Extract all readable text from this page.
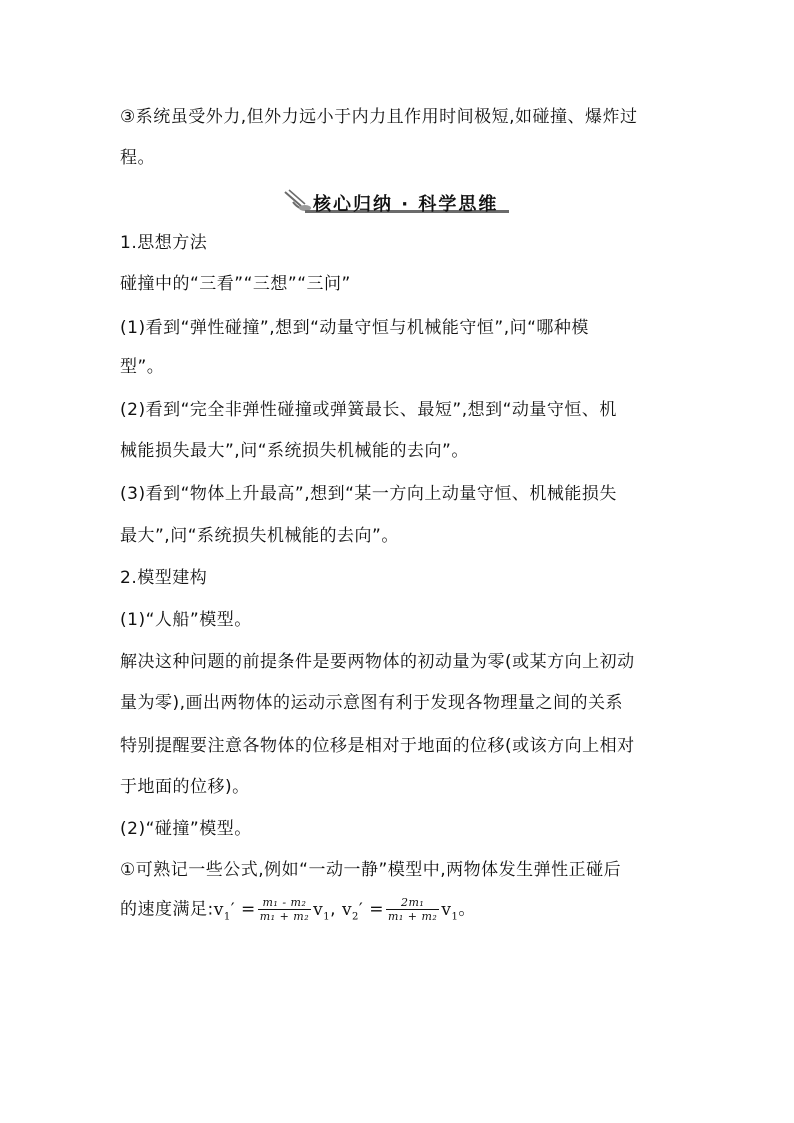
③系统虽受外力,但外力远小于内力且作用时间极短,如碰撞、爆炸过
程。
核心归纳 · 科学思维
1.思想方法
碰撞中的“三看”“三想”“三问”
(1)看到“弹性碰撞”,想到“动量守恒与机械能守恒”,问“哪种模
型”。
(2)看到“完全非弹性碰撞或弹簧最长、最短”,想到“动量守恒、机
械能损失最大”,问“系统损失机械能的去向”。
(3)看到“物体上升最高”,想到“某一方向上动量守恒、机械能损失
最大”,问“系统损失机械能的去向”。
2.模型建构
(1)“人船”模型。
解决这种问题的前提条件是要两物体的初动量为零(或某方向上初动
量为零),画出两物体的运动示意图有利于发现各物理量之间的关系
特别提醒要注意各物体的位移是相对于地面的位移(或该方向上相对
于地面的位移)。
(2)“碰撞”模型。
①可熟记一些公式,例如“一动一静”模型中,两物体发生弹性正碰后
的速度满足$:v_1' = \frac{\text{m₁ - m₂}}{\text{m₁ + m₂}} v_1$, $v_2' = \frac{\text{2m₁}}{\text{m₁ + m₂}} v_1$。
